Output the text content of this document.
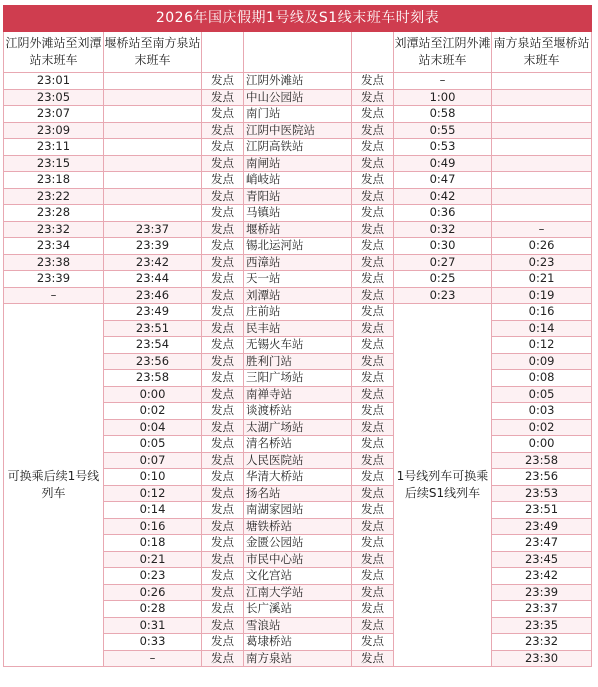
2026年国庆假期1号线及S1线末班车时刻表						
江阴外滩站至刘潭站末班车	堰桥站至南方泉站末班车				刘潭站至江阴外滩站末班车	南方泉站至堰桥站末班车
23:01		发点	江阴外滩站	发点	–	
23:05		发点	中山公园站	发点	1:00	
23:07		发点	南门站	发点	0:58	
23:09		发点	江阴中医院站	发点	0:55	
23:11		发点	江阴高铁站	发点	0:53	
23:15		发点	南闸站	发点	0:49	
23:18		发点	峭岐站	发点	0:47	
23:22		发点	青阳站	发点	0:42	
23:28		发点	马镇站	发点	0:36	
23:32	23:37	发点	堰桥站	发点	0:32	–
23:34	23:39	发点	锡北运河站	发点	0:30	0:26
23:38	23:42	发点	西漳站	发点	0:27	0:23
23:39	23:44	发点	天一站	发点	0:25	0:21
–	23:46	发点	刘潭站	发点	0:23	0:19
可换乘后续1号线列车	23:49	发点	庄前站	发点	1号线列车可换乘后续S1线列车	0:16
	23:51	发点	民丰站	发点		0:14
	23:54	发点	无锡火车站	发点		0:12
	23:56	发点	胜利门站	发点		0:09
	23:58	发点	三阳广场站	发点		0:08
	0:00	发点	南禅寺站	发点		0:05
	0:02	发点	谈渡桥站	发点		0:03
	0:04	发点	太湖广场站	发点		0:02
	0:05	发点	清名桥站	发点		0:00
	0:07	发点	人民医院站	发点		23:58
	0:10	发点	华清大桥站	发点		23:56
	0:12	发点	扬名站	发点		23:53
	0:14	发点	南湖家园站	发点		23:51
	0:16	发点	塘铁桥站	发点		23:49
	0:18	发点	金匮公园站	发点		23:47
	0:21	发点	市民中心站	发点		23:45
	0:23	发点	文化宫站	发点		23:42
	0:26	发点	江南大学站	发点		23:39
	0:28	发点	长广溪站	发点		23:37
	0:31	发点	雪浪站	发点		23:35
	0:33	发点	葛埭桥站	发点		23:32
	–	发点	南方泉站	发点		23:30
